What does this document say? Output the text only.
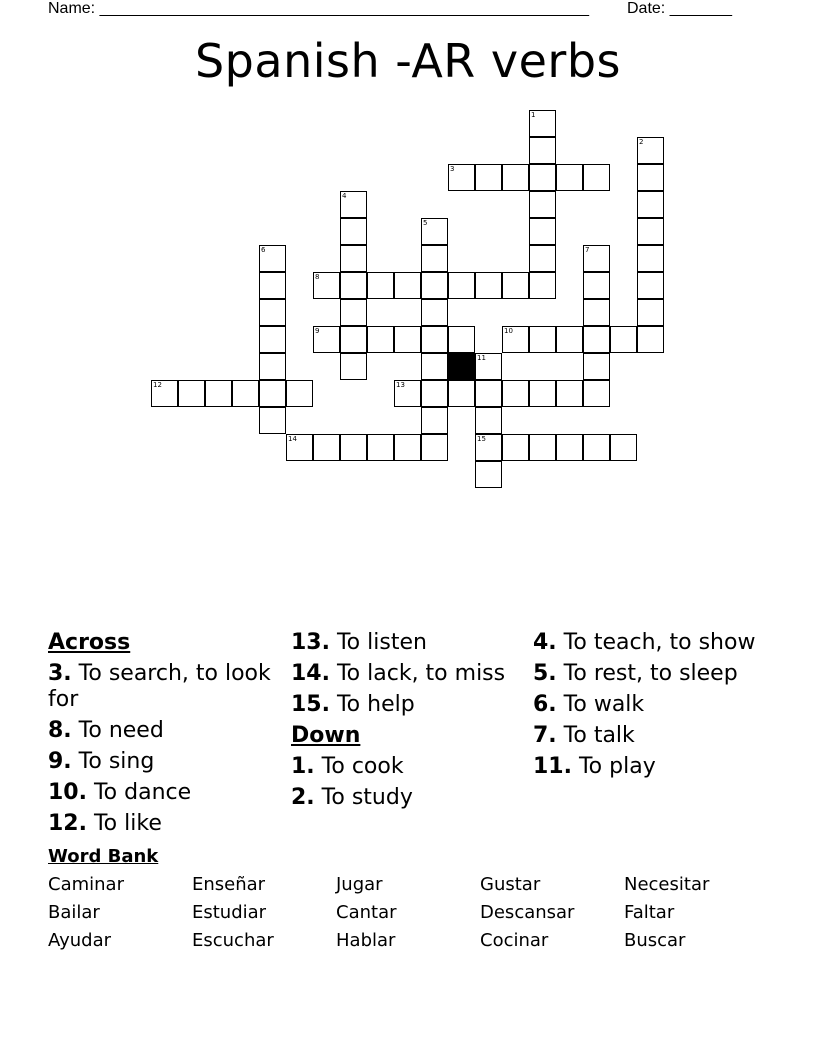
Name: _______________________________________________________ Date: _______
Spanish -AR verbs
1
2
3
4
5
6	7
8
9	10
11
15
12	13
14
Across
3. To search, to look for
8. To need
9. To sing
10. To dance
12. To like
13. To listen
14. To lack, to miss
15. To help
Down
1. To cook
2. To study
4. To teach, to show
5. To rest, to sleep
6. To walk
7. To talk
11. To play
Word Bank
Caminar	Enseñar	Jugar	Gustar	Necesitar
Bailar	Estudiar	Cantar	Descansar	Faltar
Ayudar	Escuchar	Hablar	Cocinar	Buscar
